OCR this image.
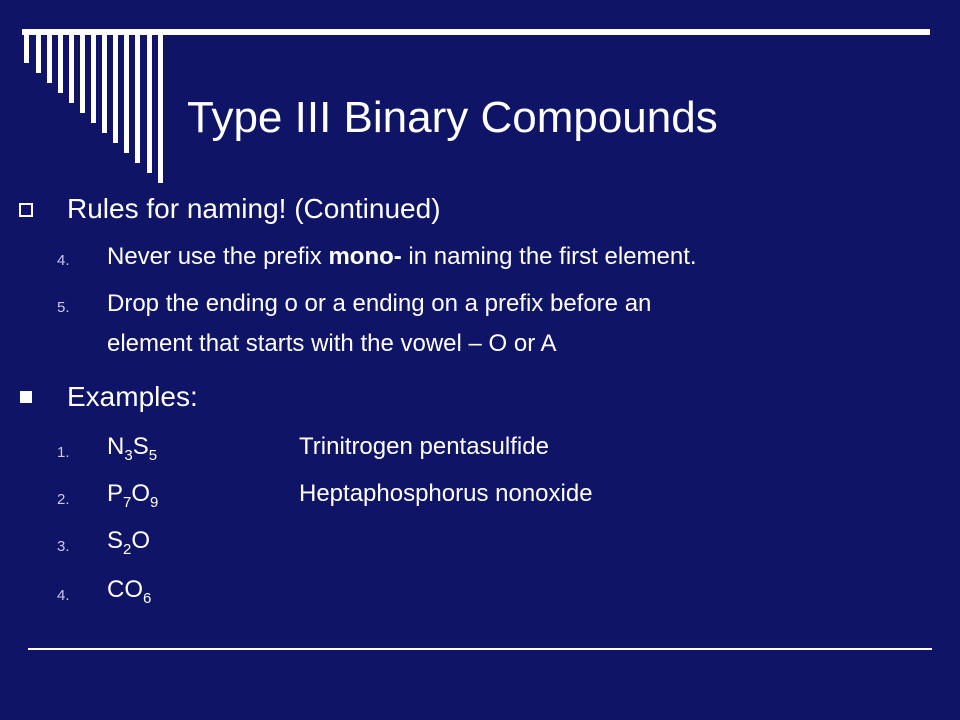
Type III Binary Compounds
Rules for naming! (Continued)
4. Never use the prefix mono- in naming the first element.
5. Drop the ending o or a ending on a prefix before an
element that starts with the vowel – O or A
Examples:
1. $N_3S_5$	Trinitrogen pentasulfide
2. $P_7O_9$	Heptaphosphorus nonoxide
3. $S_2O$
4. $CO_6$
